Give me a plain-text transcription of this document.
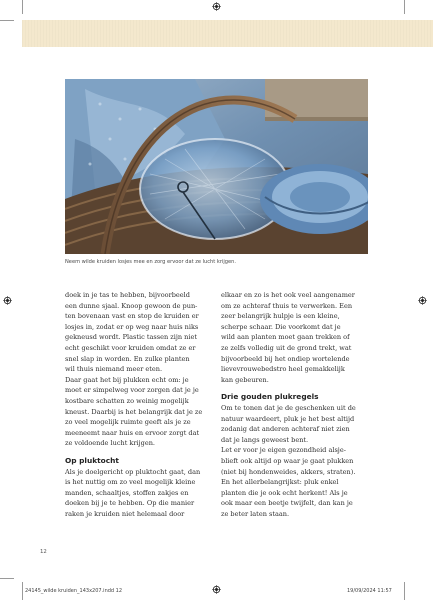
Neem wilde kruiden losjes mee en zorg ervoor dat ze lucht krijgen.

doek in je tas te hebben, bijvoorbeeld
een dunne sjaal. Knoop gewoon de pun-
ten bovenaan vast en stop de kruiden er
losjes in, zodat er op weg naar huis niks
gekneusd wordt. Plastic tassen zijn niet
echt geschikt voor kruiden omdat ze er
snel slap in worden. En zulke planten
wil thuis niemand meer eten.

Daar gaat het bij plukken echt om: je
moet er simpelweg voor zorgen dat je je
kostbare schatten zo weinig mogelijk
kneust. Daarbij is het belangrijk dat je ze
zo veel mogelijk ruimte geeft als je ze
meeneemt naar huis en ervoor zorgt dat
ze voldoende lucht krijgen.

Op pluktocht

Als je doelgericht op pluktocht gaat, dan
is het nuttig om zo veel mogelijk kleine
manden, schaaltjes, stoffen zakjes en
doeken bij je te hebben. Op die manier
raken je kruiden niet helemaal door

elkaar en zo is het ook veel aangenamer
om ze achteraf thuis te verwerken. Een
zeer belangrijk hulpje is een kleine,
scherpe schaar. Die voorkomt dat je
wild aan planten moet gaan trekken of
ze zelfs volledig uit de grond trekt, wat
bijvoorbeeld bij het ondiep wortelende
lievevrouwebedstro heel gemakkelijk
kan gebeuren.

Drie gouden plukregels

Om te tonen dat je de geschenken uit de
natuur waardeert, pluk je het best altijd
zodanig dat anderen achteraf niet zien
dat je langs geweest bent.

Let er voor je eigen gezondheid alsje-
blieft ook altijd op waar je gaat plukken
(niet bij hondenweides, akkers, straten).
En het allerbelangrijkst: pluk enkel
planten die je ook echt herkent! Als je
ook maar een beetje twijfelt, dan kan je
ze beter laten staan.

12
24145_wilde kruiden_143x207.indd 12	19/09/2024 11:57
